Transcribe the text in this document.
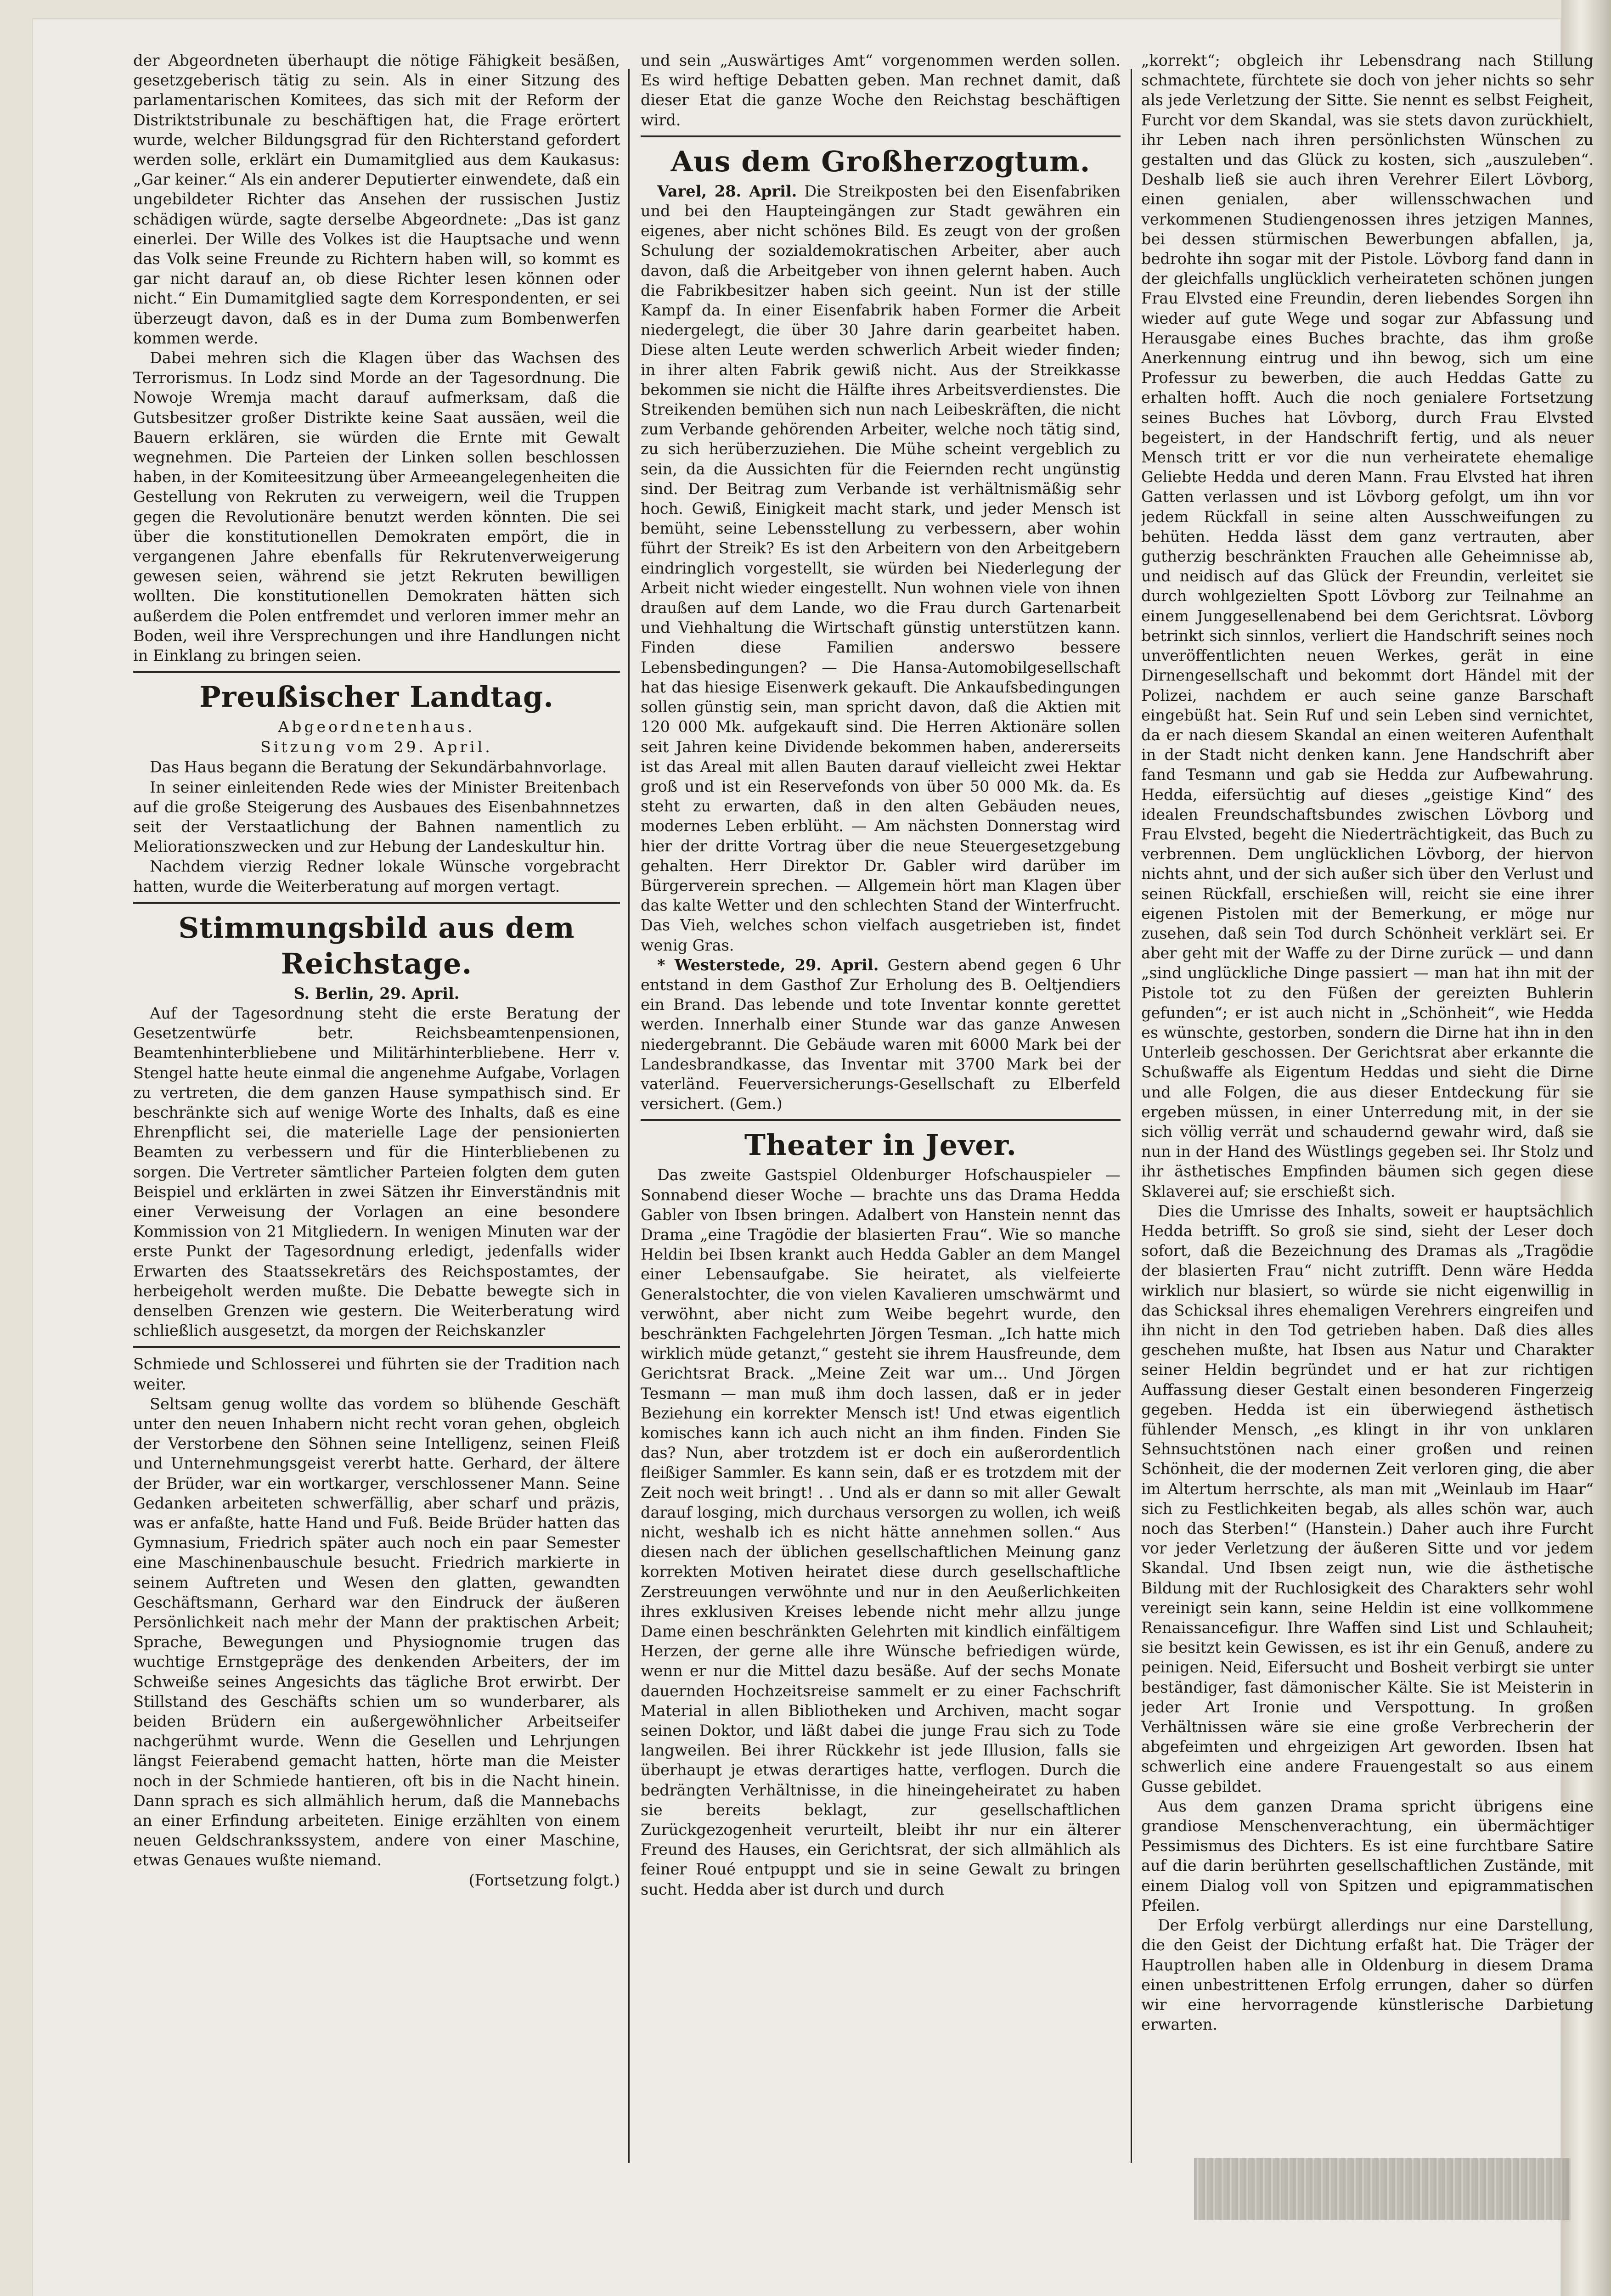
der Abgeordneten überhaupt die nötige Fähigkeit besäßen, gesetzgeberisch tätig zu sein. Als in einer Sitzung des parlamentarischen Komitees, das sich mit der Reform der Distriktstribunale zu beschäftigen hat, die Frage erörtert wurde, welcher Bildungsgrad für den Richterstand gefordert werden solle, erklärt ein Dumamitglied aus dem Kaukasus: „Gar keiner.“ Als ein anderer Deputierter einwendete, daß ein ungebildeter Richter das Ansehen der russischen Justiz schädigen würde, sagte derselbe Abgeordnete: „Das ist ganz einerlei. Der Wille des Volkes ist die Hauptsache und wenn das Volk seine Freunde zu Richtern haben will, so kommt es gar nicht darauf an, ob diese Richter lesen können oder nicht.“ Ein Dumamitglied sagte dem Korrespondenten, er sei überzeugt davon, daß es in der Duma zum Bombenwerfen kommen werde.

Dabei mehren sich die Klagen über das Wachsen des Terrorismus. In Lodz sind Morde an der Tagesordnung. Die Nowoje Wremja macht darauf aufmerksam, daß die Gutsbesitzer großer Distrikte keine Saat aussäen, weil die Bauern erklären, sie würden die Ernte mit Gewalt wegnehmen. Die Parteien der Linken sollen beschlossen haben, in der Komiteesitzung über Armeeangelegenheiten die Gestellung von Rekruten zu verweigern, weil die Truppen gegen die Revolutionäre benutzt werden könnten. Die sei über die konstitutionellen Demokraten empört, die in vergangenen Jahre ebenfalls für Rekrutenverweigerung gewesen seien, während sie jetzt Rekruten bewilligen wollten. Die konstitutionellen Demokraten hätten sich außerdem die Polen entfremdet und verloren immer mehr an Boden, weil ihre Versprechungen und ihre Handlungen nicht in Einklang zu bringen seien.

Preußischer Landtag.
Abgeordnetenhaus.
Sitzung vom 29. April.

Das Haus begann die Beratung der Sekundärbahnvorlage.

In seiner einleitenden Rede wies der Minister Breitenbach auf die große Steigerung des Ausbaues des Eisenbahnnetzes seit der Verstaatlichung der Bahnen namentlich zu Meliorationszwecken und zur Hebung der Landeskultur hin.

Nachdem vierzig Redner lokale Wünsche vorgebracht hatten, wurde die Weiterberatung auf morgen vertagt.

Stimmungsbild aus dem Reichstage.
S. Berlin, 29. April.

Auf der Tagesordnung steht die erste Beratung der Gesetzentwürfe betr. Reichsbeamtenpensionen, Beamtenhinterbliebene und Militärhinterbliebene. Herr v. Stengel hatte heute einmal die angenehme Aufgabe, Vorlagen zu vertreten, die dem ganzen Hause sympathisch sind. Er beschränkte sich auf wenige Worte des Inhalts, daß es eine Ehrenpflicht sei, die materielle Lage der pensionierten Beamten zu verbessern und für die Hinterbliebenen zu sorgen. Die Vertreter sämtlicher Parteien folgten dem guten Beispiel und erklärten in zwei Sätzen ihr Einverständnis mit einer Verweisung der Vorlagen an eine besondere Kommission von 21 Mitgliedern. In wenigen Minuten war der erste Punkt der Tagesordnung erledigt, jedenfalls wider Erwarten des Staatssekretärs des Reichspostamtes, der herbeigeholt werden mußte. Die Debatte bewegte sich in denselben Grenzen wie gestern. Die Weiterberatung wird schließlich ausgesetzt, da morgen der Reichskanzler

Schmiede und Schlosserei und führten sie der Tradition nach weiter.

Seltsam genug wollte das vordem so blühende Geschäft unter den neuen Inhabern nicht recht voran gehen, obgleich der Verstorbene den Söhnen seine Intelligenz, seinen Fleiß und Unternehmungsgeist vererbt hatte. Gerhard, der ältere der Brüder, war ein wortkarger, verschlossener Mann. Seine Gedanken arbeiteten schwerfällig, aber scharf und präzis, was er anfaßte, hatte Hand und Fuß. Beide Brüder hatten das Gymnasium, Friedrich später auch noch ein paar Semester eine Maschinenbauschule besucht. Friedrich markierte in seinem Auftreten und Wesen den glatten, gewandten Geschäftsmann, Gerhard war den Eindruck der äußeren Persönlichkeit nach mehr der Mann der praktischen Arbeit; Sprache, Bewegungen und Physiognomie trugen das wuchtige Ernstgepräge des denkenden Arbeiters, der im Schweiße seines Angesichts das tägliche Brot erwirbt. Der Stillstand des Geschäfts schien um so wunderbarer, als beiden Brüdern ein außergewöhnlicher Arbeitseifer nachgerühmt wurde. Wenn die Gesellen und Lehrjungen längst Feierabend gemacht hatten, hörte man die Meister noch in der Schmiede hantieren, oft bis in die Nacht hinein. Dann sprach es sich allmählich herum, daß die Mannebachs an einer Erfindung arbeiteten. Einige erzählten von einem neuen Geldschrankssystem, andere von einer Maschine, etwas Genaues wußte niemand.

(Fortsetzung folgt.)

und sein „Auswärtiges Amt“ vorgenommen werden sollen. Es wird heftige Debatten geben. Man rechnet damit, daß dieser Etat die ganze Woche den Reichstag beschäftigen wird.

Aus dem Großherzogtum.

Varel, 28. April. Die Streikposten bei den Eisenfabriken und bei den Haupteingängen zur Stadt gewähren ein eigenes, aber nicht schönes Bild. Es zeugt von der großen Schulung der sozialdemokratischen Arbeiter, aber auch davon, daß die Arbeitgeber von ihnen gelernt haben. Auch die Fabrikbesitzer haben sich geeint. Nun ist der stille Kampf da. In einer Eisenfabrik haben Former die Arbeit niedergelegt, die über 30 Jahre darin gearbeitet haben. Diese alten Leute werden schwerlich Arbeit wieder finden; in ihrer alten Fabrik gewiß nicht. Aus der Streikkasse bekommen sie nicht die Hälfte ihres Arbeitsverdienstes. Die Streikenden bemühen sich nun nach Leibeskräften, die nicht zum Verbande gehörenden Arbeiter, welche noch tätig sind, zu sich herüberzuziehen. Die Mühe scheint vergeblich zu sein, da die Aussichten für die Feiernden recht ungünstig sind. Der Beitrag zum Verbande ist verhältnismäßig sehr hoch. Gewiß, Einigkeit macht stark, und jeder Mensch ist bemüht, seine Lebensstellung zu verbessern, aber wohin führt der Streik? Es ist den Arbeitern von den Arbeitgebern eindringlich vorgestellt, sie würden bei Niederlegung der Arbeit nicht wieder eingestellt. Nun wohnen viele von ihnen draußen auf dem Lande, wo die Frau durch Gartenarbeit und Viehhaltung die Wirtschaft günstig unterstützen kann. Finden diese Familien anderswo bessere Lebensbedingungen? — Die Hansa-Automobilgesellschaft hat das hiesige Eisenwerk gekauft. Die Ankaufsbedingungen sollen günstig sein, man spricht davon, daß die Aktien mit 120 000 Mk. aufgekauft sind. Die Herren Aktionäre sollen seit Jahren keine Dividende bekommen haben, andererseits ist das Areal mit allen Bauten darauf vielleicht zwei Hektar groß und ist ein Reservefonds von über 50 000 Mk. da. Es steht zu erwarten, daß in den alten Gebäuden neues, modernes Leben erblüht. — Am nächsten Donnerstag wird hier der dritte Vortrag über die neue Steuergesetzgebung gehalten. Herr Direktor Dr. Gabler wird darüber im Bürgerverein sprechen. — Allgemein hört man Klagen über das kalte Wetter und den schlechten Stand der Winterfrucht. Das Vieh, welches schon vielfach ausgetrieben ist, findet wenig Gras.

* Westerstede, 29. April. Gestern abend gegen 6 Uhr entstand in dem Gasthof Zur Erholung des B. Oeltjendiers ein Brand. Das lebende und tote Inventar konnte gerettet werden. Innerhalb einer Stunde war das ganze Anwesen niedergebrannt. Die Gebäude waren mit 6000 Mark bei der Landesbrandkasse, das Inventar mit 3700 Mark bei der vaterländ. Feuerversicherungs-Gesellschaft zu Elberfeld versichert. (Gem.)

Theater in Jever.

Das zweite Gastspiel Oldenburger Hofschauspieler — Sonnabend dieser Woche — brachte uns das Drama Hedda Gabler von Ibsen bringen. Adalbert von Hanstein nennt das Drama „eine Tragödie der blasierten Frau“. Wie so manche Heldin bei Ibsen krankt auch Hedda Gabler an dem Mangel einer Lebensaufgabe. Sie heiratet, als vielfeierte Generalstochter, die von vielen Kavalieren umschwärmt und verwöhnt, aber nicht zum Weibe begehrt wurde, den beschränkten Fachgelehrten Jörgen Tesman. „Ich hatte mich wirklich müde getanzt,“ gesteht sie ihrem Hausfreunde, dem Gerichtsrat Brack. „Meine Zeit war um... Und Jörgen Tesmann — man muß ihm doch lassen, daß er in jeder Beziehung ein korrekter Mensch ist! Und etwas eigentlich komisches kann ich auch nicht an ihm finden. Finden Sie das? Nun, aber trotzdem ist er doch ein außerordentlich fleißiger Sammler. Es kann sein, daß er es trotzdem mit der Zeit noch weit bringt! . . Und als er dann so mit aller Gewalt darauf losging, mich durchaus versorgen zu wollen, ich weiß nicht, weshalb ich es nicht hätte annehmen sollen.“ Aus diesen nach der üblichen gesellschaftlichen Meinung ganz korrekten Motiven heiratet diese durch gesellschaftliche Zerstreuungen verwöhnte und nur in den Aeußerlichkeiten ihres exklusiven Kreises lebende nicht mehr allzu junge Dame einen beschränkten Gelehrten mit kindlich einfältigem Herzen, der gerne alle ihre Wünsche befriedigen würde, wenn er nur die Mittel dazu besäße. Auf der sechs Monate dauernden Hochzeitsreise sammelt er zu einer Fachschrift Material in allen Bibliotheken und Archiven, macht sogar seinen Doktor, und läßt dabei die junge Frau sich zu Tode langweilen. Bei ihrer Rückkehr ist jede Illusion, falls sie überhaupt je etwas derartiges hatte, verflogen. Durch die bedrängten Verhältnisse, in die hineingeheiratet zu haben sie bereits beklagt, zur gesellschaftlichen Zurückgezogenheit verurteilt, bleibt ihr nur ein älterer Freund des Hauses, ein Gerichtsrat, der sich allmählich als feiner Roué entpuppt und sie in seine Gewalt zu bringen sucht. Hedda aber ist durch und durch

„korrekt“; obgleich ihr Lebensdrang nach Stillung schmachtete, fürchtete sie doch von jeher nichts so sehr als jede Verletzung der Sitte. Sie nennt es selbst Feigheit, Furcht vor dem Skandal, was sie stets davon zurückhielt, ihr Leben nach ihren persönlichsten Wünschen zu gestalten und das Glück zu kosten, sich „auszuleben“. Deshalb ließ sie auch ihren Verehrer Eilert Lövborg, einen genialen, aber willensschwachen und verkommenen Studiengenossen ihres jetzigen Mannes, bei dessen stürmischen Bewerbungen abfallen, ja, bedrohte ihn sogar mit der Pistole. Lövborg fand dann in der gleichfalls unglücklich verheirateten schönen jungen Frau Elvsted eine Freundin, deren liebendes Sorgen ihn wieder auf gute Wege und sogar zur Abfassung und Herausgabe eines Buches brachte, das ihm große Anerkennung eintrug und ihn bewog, sich um eine Professur zu bewerben, die auch Heddas Gatte zu erhalten hofft. Auch die noch genialere Fortsetzung seines Buches hat Lövborg, durch Frau Elvsted begeistert, in der Handschrift fertig, und als neuer Mensch tritt er vor die nun verheiratete ehemalige Geliebte Hedda und deren Mann. Frau Elvsted hat ihren Gatten verlassen und ist Lövborg gefolgt, um ihn vor jedem Rückfall in seine alten Ausschweifungen zu behüten. Hedda lässt dem ganz vertrauten, aber gutherzig beschränkten Frauchen alle Geheimnisse ab, und neidisch auf das Glück der Freundin, verleitet sie durch wohlgezielten Spott Lövborg zur Teilnahme an einem Junggesellenabend bei dem Gerichtsrat. Lövborg betrinkt sich sinnlos, verliert die Handschrift seines noch unveröffentlichten neuen Werkes, gerät in eine Dirnengesellschaft und bekommt dort Händel mit der Polizei, nachdem er auch seine ganze Barschaft eingebüßt hat. Sein Ruf und sein Leben sind vernichtet, da er nach diesem Skandal an einen weiteren Aufenthalt in der Stadt nicht denken kann. Jene Handschrift aber fand Tesmann und gab sie Hedda zur Aufbewahrung. Hedda, eifersüchtig auf dieses „geistige Kind“ des idealen Freundschaftsbundes zwischen Lövborg und Frau Elvsted, begeht die Niederträchtigkeit, das Buch zu verbrennen. Dem unglücklichen Lövborg, der hiervon nichts ahnt, und der sich außer sich über den Verlust und seinen Rückfall, erschießen will, reicht sie eine ihrer eigenen Pistolen mit der Bemerkung, er möge nur zusehen, daß sein Tod durch Schönheit verklärt sei. Er aber geht mit der Waffe zu der Dirne zurück — und dann „sind unglückliche Dinge passiert — man hat ihn mit der Pistole tot zu den Füßen der gereizten Buhlerin gefunden“; er ist auch nicht in „Schönheit“, wie Hedda es wünschte, gestorben, sondern die Dirne hat ihn in den Unterleib geschossen. Der Gerichtsrat aber erkannte die Schußwaffe als Eigentum Heddas und sieht die Dirne und alle Folgen, die aus dieser Entdeckung für sie ergeben müssen, in einer Unterredung mit, in der sie sich völlig verrät und schaudernd gewahr wird, daß sie nun in der Hand des Wüstlings gegeben sei. Ihr Stolz und ihr ästhetisches Empfinden bäumen sich gegen diese Sklaverei auf; sie erschießt sich.

Dies die Umrisse des Inhalts, soweit er hauptsächlich Hedda betrifft. So groß sie sind, sieht der Leser doch sofort, daß die Bezeichnung des Dramas als „Tragödie der blasierten Frau“ nicht zutrifft. Denn wäre Hedda wirklich nur blasiert, so würde sie nicht eigenwillig in das Schicksal ihres ehemaligen Verehrers eingreifen und ihn nicht in den Tod getrieben haben. Daß dies alles geschehen mußte, hat Ibsen aus Natur und Charakter seiner Heldin begründet und er hat zur richtigen Auffassung dieser Gestalt einen besonderen Fingerzeig gegeben. Hedda ist ein überwiegend ästhetisch fühlender Mensch, „es klingt in ihr von unklaren Sehnsuchtstönen nach einer großen und reinen Schönheit, die der modernen Zeit verloren ging, die aber im Altertum herrschte, als man mit „Weinlaub im Haar“ sich zu Festlichkeiten begab, als alles schön war, auch noch das Sterben!“ (Hanstein.) Daher auch ihre Furcht vor jeder Verletzung der äußeren Sitte und vor jedem Skandal. Und Ibsen zeigt nun, wie die ästhetische Bildung mit der Ruchlosigkeit des Charakters sehr wohl vereinigt sein kann, seine Heldin ist eine vollkommene Renaissancefigur. Ihre Waffen sind List und Schlauheit; sie besitzt kein Gewissen, es ist ihr ein Genuß, andere zu peinigen. Neid, Eifersucht und Bosheit verbirgt sie unter beständiger, fast dämonischer Kälte. Sie ist Meisterin in jeder Art Ironie und Verspottung. In großen Verhältnissen wäre sie eine große Verbrecherin der abgefeimten und ehrgeizigen Art geworden. Ibsen hat schwerlich eine andere Frauengestalt so aus einem Gusse gebildet.

Aus dem ganzen Drama spricht übrigens eine grandiose Menschenverachtung, ein übermächtiger Pessimismus des Dichters. Es ist eine furchtbare Satire auf die darin berührten gesellschaftlichen Zustände, mit einem Dialog voll von Spitzen und epigrammatischen Pfeilen.

Der Erfolg verbürgt allerdings nur eine Darstellung, die den Geist der Dichtung erfaßt hat. Die Träger der Hauptrollen haben alle in Oldenburg in diesem Drama einen unbestrittenen Erfolg errungen, daher so dürfen wir eine hervorragende künstlerische Darbietung erwarten.
